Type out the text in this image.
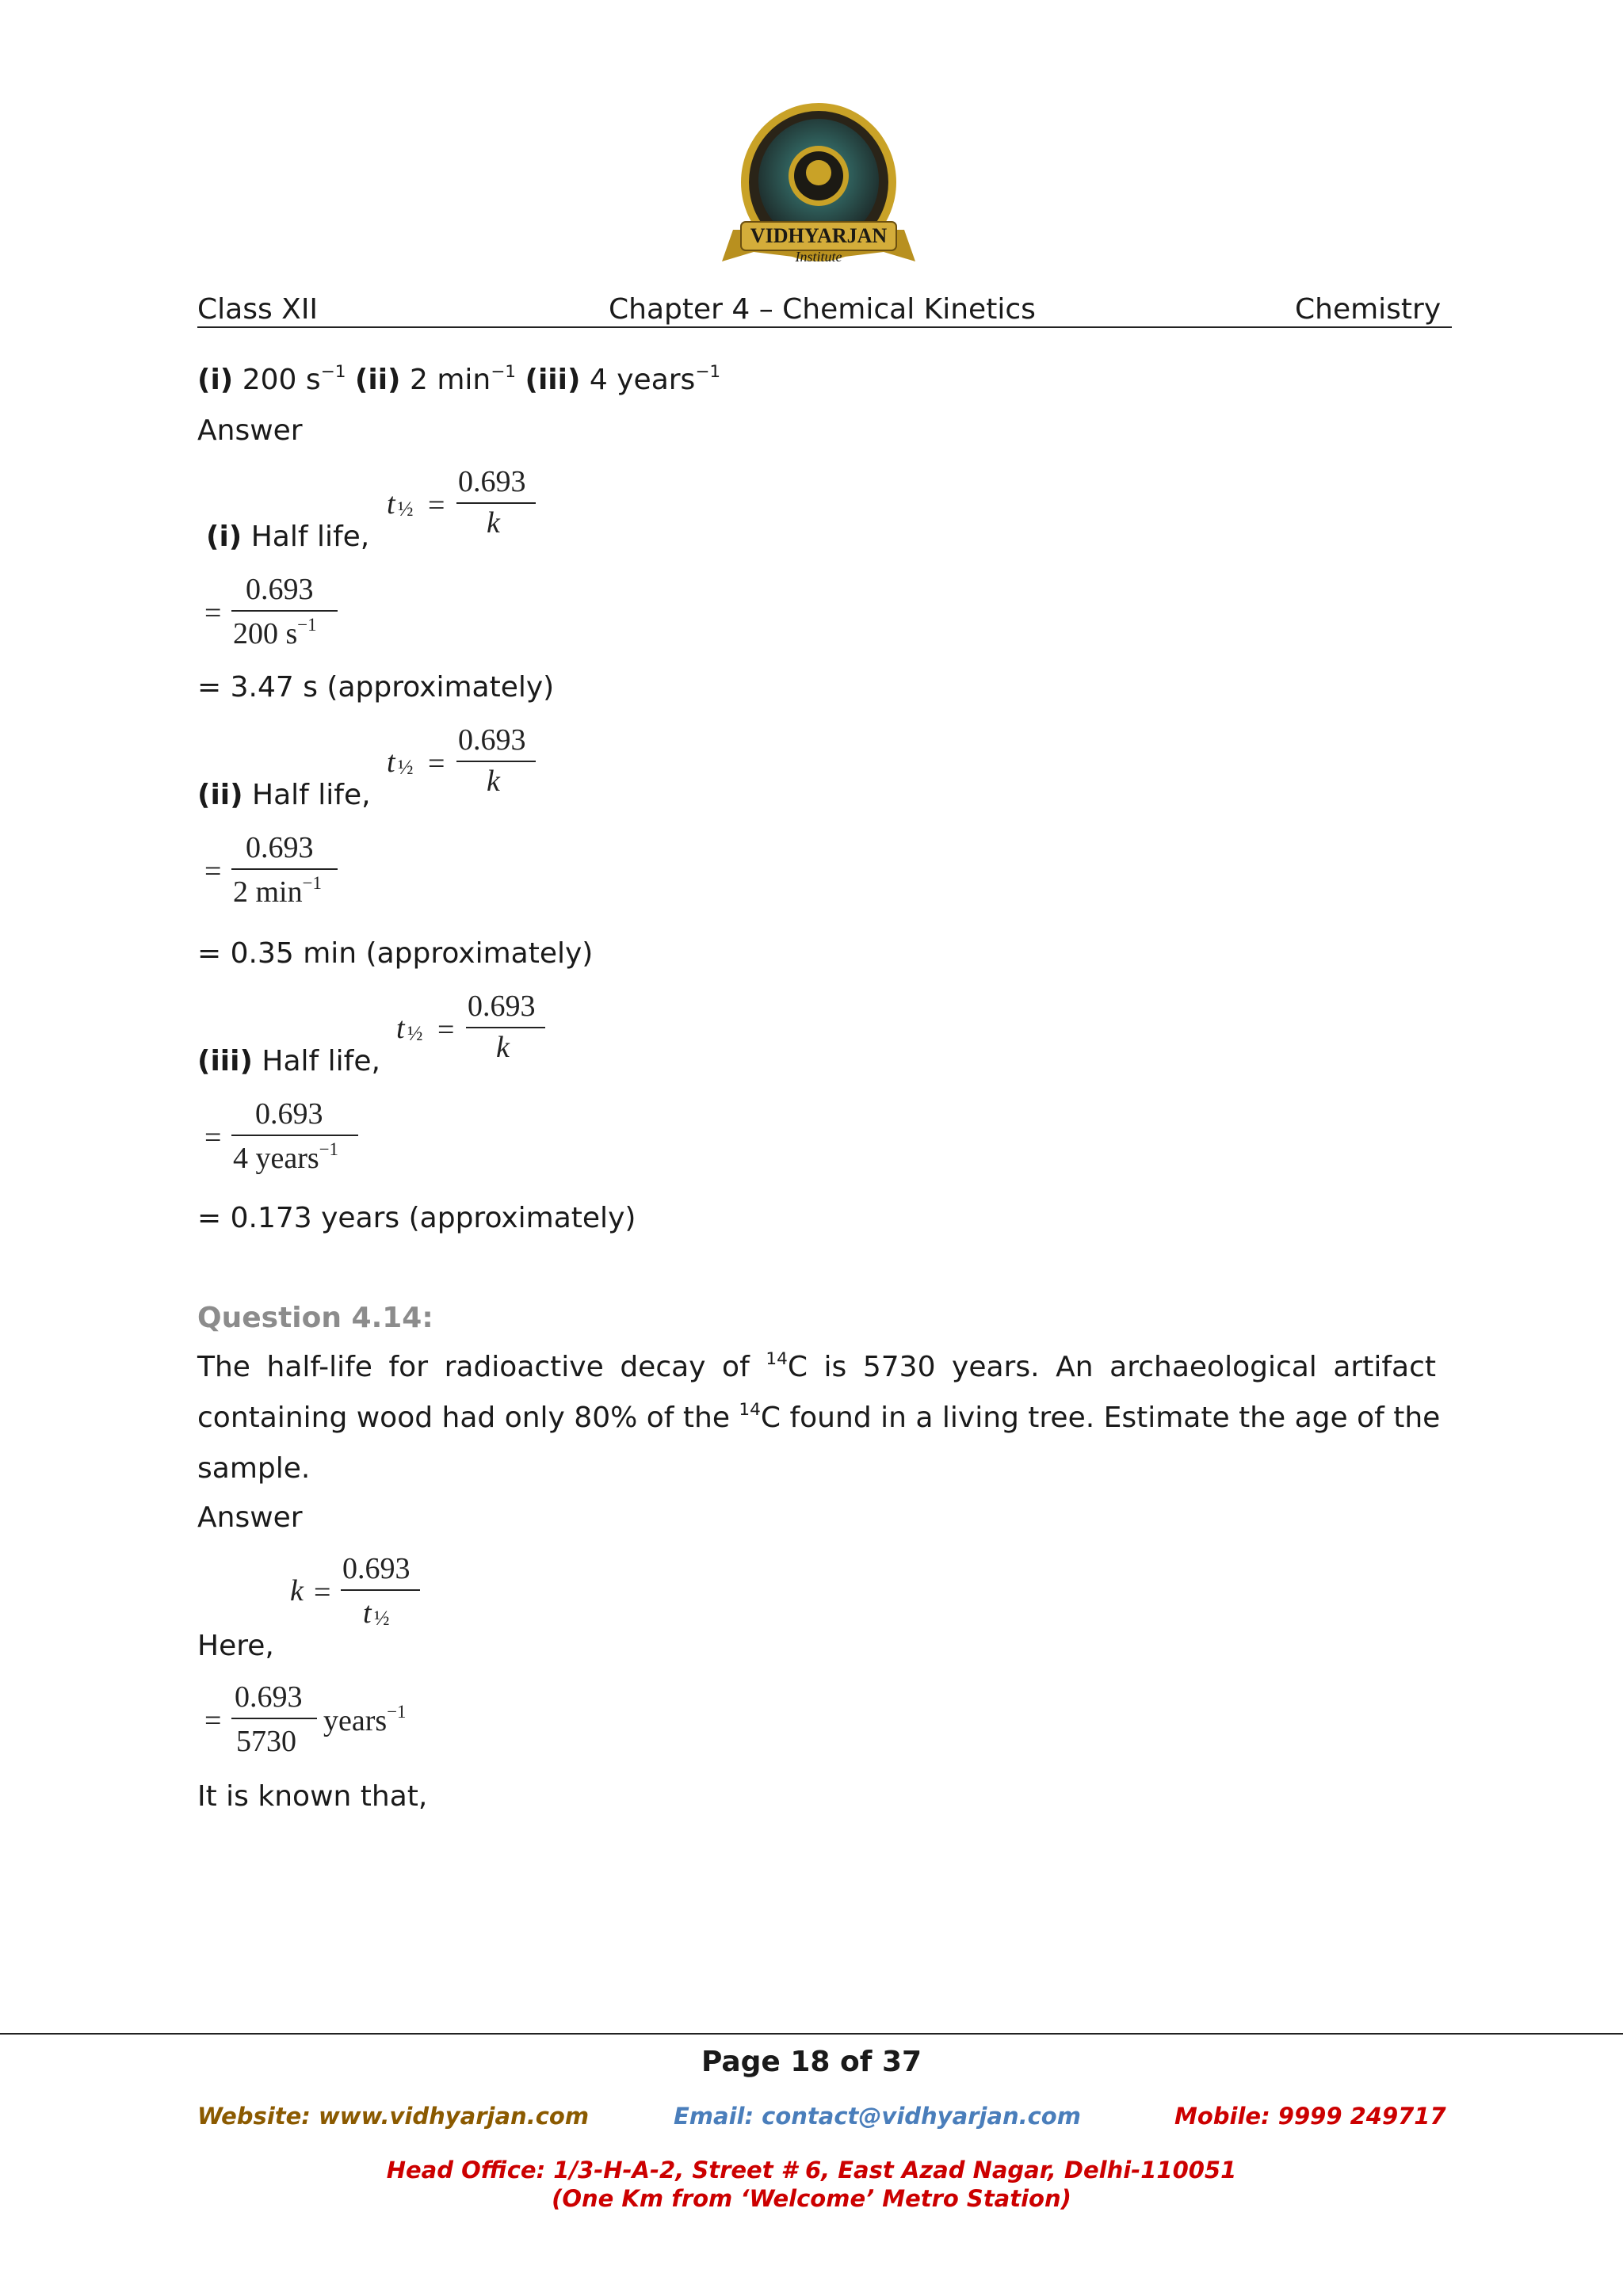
VIDHYARJAN
Institute
Class XII	Chapter 4 – Chemical Kinetics	Chemistry
(i) 200 $s^{-1}$ (ii) 2 $\min^{-1} (iii)$ 4 years$^{-1}$
Answer
(i) Half life,
t ½ =
0.693
k
=
0.693
200 $s^{-1}$
= 3.47 s (approximately)
(ii) Half life,
t ½ =
0.693
k
=
0.693
2 $\min^{-1}$
= 0.35 min (approximately)
(iii) Half life,
t ½ =
0.693
k
=
0.693
4 years$^{-1}$
= 0.173 years (approximately)
Question 4.14:
The half-life for radioactive decay of $^{14}$C is 5730 years. An archaeological artifact
containing wood had only 80% of the $^{14}$C found in a living tree. Estimate the age of the
sample.
Answer
k =
0.693
t ½
Here,
=
0.693
5730
years$^{-1}$
It is known that,
Page 18 of 37
Website: www.vidhyarjan.com	Email: contact@vidhyarjan.com	Mobile: 9999 249717
Head Office: 1/3-H-A-2, Street # 6, East Azad Nagar, Delhi-110051
(One Km from ‘Welcome’ Metro Station)
